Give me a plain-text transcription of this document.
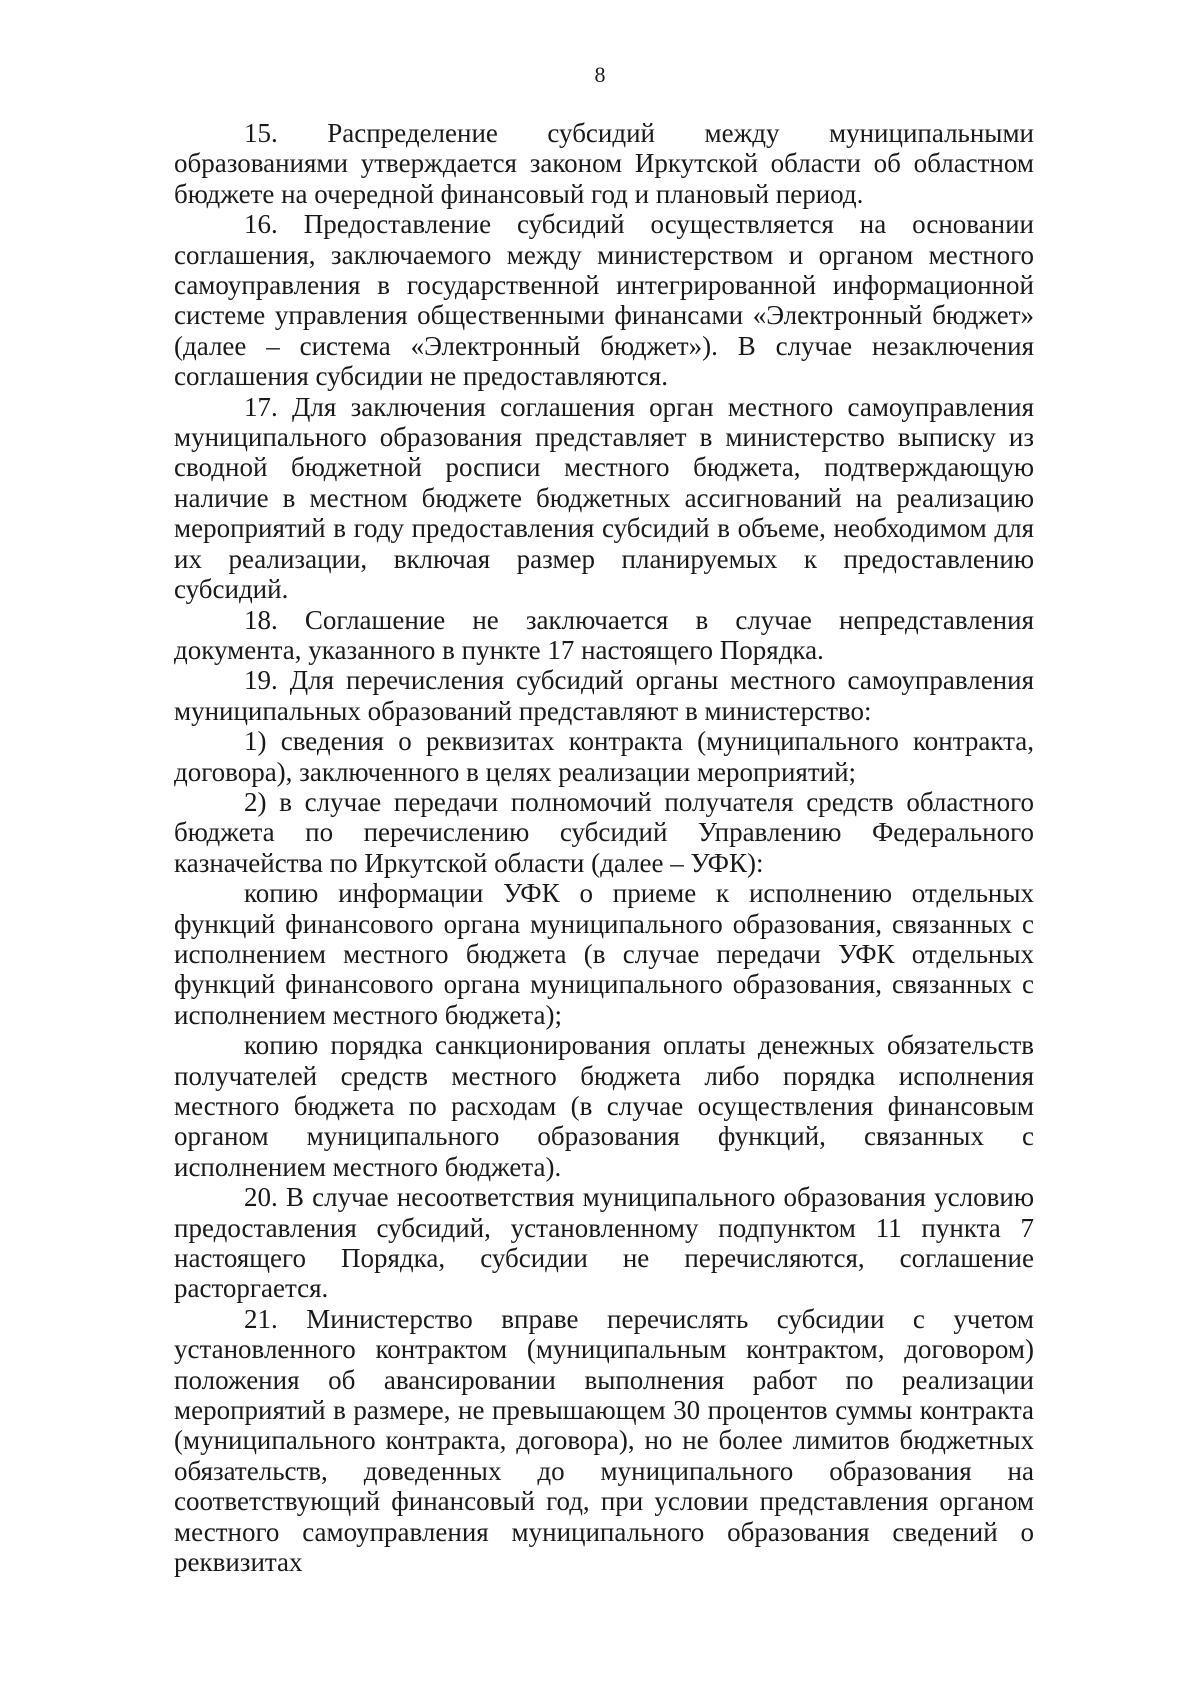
8

15. Распределение субсидий между муниципальными образованиями утверждается законом Иркутской области об областном бюджете на очередной финансовый год и плановый период.

16. Предоставление субсидий осуществляется на основании соглашения, заключаемого между министерством и органом местного самоуправления в государственной интегрированной информационной системе управления общественными финансами «Электронный бюджет» (далее – система «Электронный бюджет»). В случае незаключения соглашения субсидии не предоставляются.

17. Для заключения соглашения орган местного самоуправления муниципального образования представляет в министерство выписку из сводной бюджетной росписи местного бюджета, подтверждающую наличие в местном бюджете бюджетных ассигнований на реализацию мероприятий в году предоставления субсидий в объеме, необходимом для их реализации, включая размер планируемых к предоставлению субсидий.

18. Соглашение не заключается в случае непредставления документа, указанного в пункте 17 настоящего Порядка.

19. Для перечисления субсидий органы местного самоуправления муниципальных образований представляют в министерство:

1) сведения о реквизитах контракта (муниципального контракта, договора), заключенного в целях реализации мероприятий;

2) в случае передачи полномочий получателя средств областного бюджета по перечислению субсидий Управлению Федерального казначейства по Иркутской области (далее – УФК):

копию информации УФК о приеме к исполнению отдельных функций финансового органа муниципального образования, связанных с исполнением местного бюджета (в случае передачи УФК отдельных функций финансового органа муниципального образования, связанных с исполнением местного бюджета);

копию порядка санкционирования оплаты денежных обязательств получателей средств местного бюджета либо порядка исполнения местного бюджета по расходам (в случае осуществления финансовым органом муниципального образования функций, связанных с исполнением местного бюджета).

20. В случае несоответствия муниципального образования условию предоставления субсидий, установленному подпунктом 11 пункта 7 настоящего Порядка, субсидии не перечисляются, соглашение расторгается.

21. Министерство вправе перечислять субсидии с учетом установленного контрактом (муниципальным контрактом, договором) положения об авансировании выполнения работ по реализации мероприятий в размере, не превышающем 30 процентов суммы контракта (муниципального контракта, договора), но не более лимитов бюджетных обязательств, доведенных до муниципального образования на соответствующий финансовый год, при условии представления органом местного самоуправления муниципального образования сведений о реквизитах
